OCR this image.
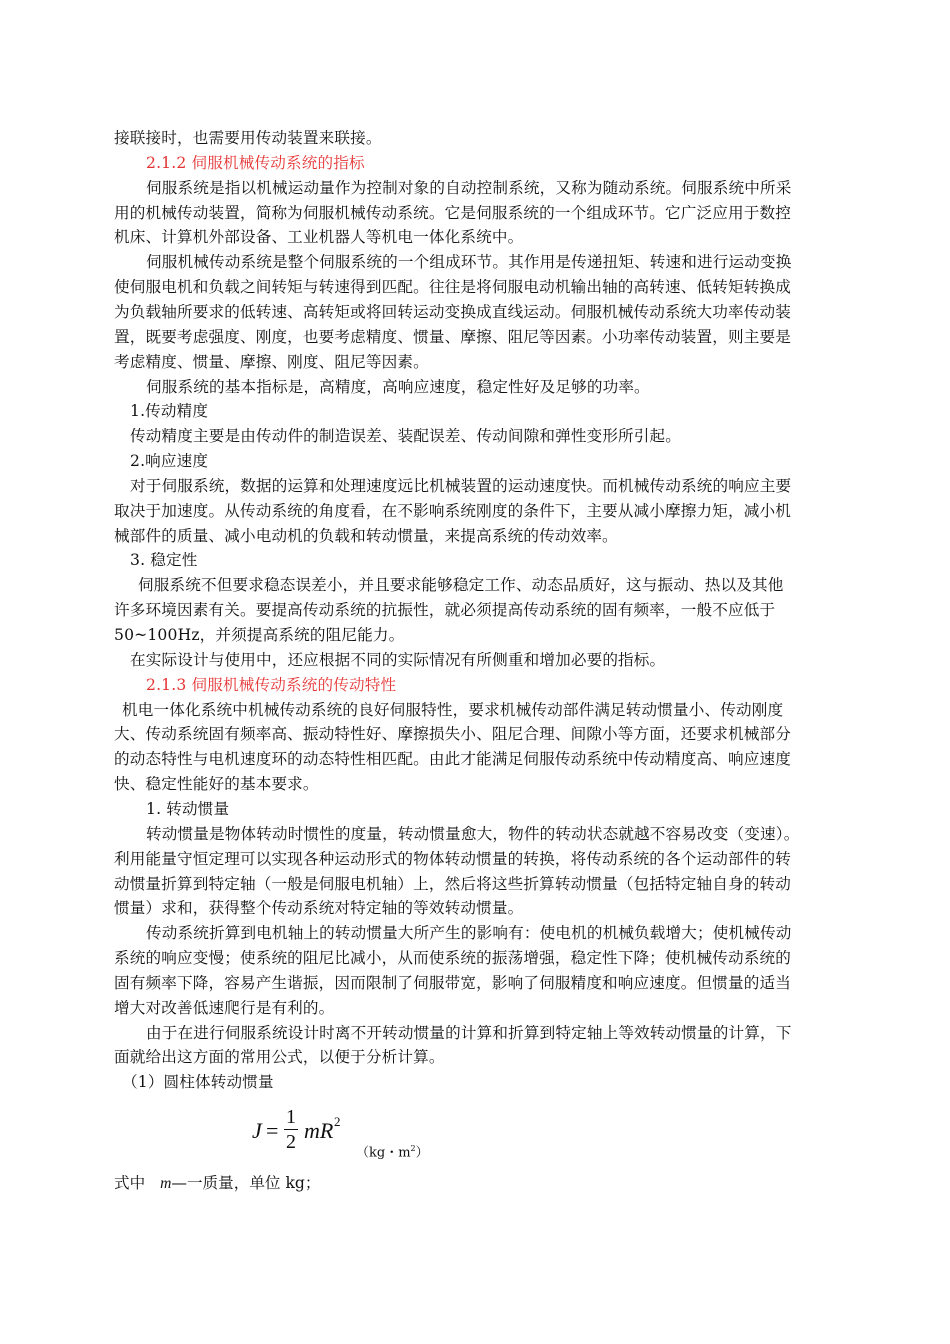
接联接时，也需要用传动装置来联接。
2.1.2 伺服机械传动系统的指标
伺服系统是指以机械运动量作为控制对象的自动控制系统，又称为随动系统。伺服系统中所采
用的机械传动装置，简称为伺服机械传动系统。它是伺服系统的一个组成环节。它广泛应用于数控
机床、计算机外部设备、工业机器人等机电一体化系统中。
伺服机械传动系统是整个伺服系统的一个组成环节。其作用是传递扭矩、转速和进行运动变换
使伺服电机和负载之间转矩与转速得到匹配。往往是将伺服电动机输出轴的高转速、低转矩转换成
为负载轴所要求的低转速、高转矩或将回转运动变换成直线运动。伺服机械传动系统大功率传动装
置，既要考虑强度、刚度，也要考虑精度、惯量、摩擦、阻尼等因素。小功率传动装置，则主要是
考虑精度、惯量、摩擦、刚度、阻尼等因素。
伺服系统的基本指标是，高精度，高响应速度，稳定性好及足够的功率。
1.传动精度
传动精度主要是由传动件的制造误差、装配误差、传动间隙和弹性变形所引起。
2.响应速度
对于伺服系统，数据的运算和处理速度远比机械装置的运动速度快。而机械传动系统的响应主要
取决于加速度。从传动系统的角度看，在不影响系统刚度的条件下，主要从减小摩擦力矩，减小机
械部件的质量、减小电动机的负载和转动惯量，来提高系统的传动效率。
3. 稳定性
伺服系统不但要求稳态误差小，并且要求能够稳定工作、动态品质好，这与振动、热以及其他
许多环境因素有关。要提高传动系统的抗振性，就必须提高传动系统的固有频率，一般不应低于
50~100Hz，并须提高系统的阻尼能力。
在实际设计与使用中，还应根据不同的实际情况有所侧重和增加必要的指标。
2.1.3 伺服机械传动系统的传动特性
机电一体化系统中机械传动系统的良好伺服特性，要求机械传动部件满足转动惯量小、传动刚度
大、传动系统固有频率高、振动特性好、摩擦损失小、阻尼合理、间隙小等方面，还要求机械部分
的动态特性与电机速度环的动态特性相匹配。由此才能满足伺服传动系统中传动精度高、响应速度
快、稳定性能好的基本要求。
1. 转动惯量
转动惯量是物体转动时惯性的度量，转动惯量愈大，物件的转动状态就越不容易改变（变速）。
利用能量守恒定理可以实现各种运动形式的物体转动惯量的转换，将传动系统的各个运动部件的转
动惯量折算到特定轴（一般是伺服电机轴）上，然后将这些折算转动惯量（包括特定轴自身的转动
惯量）求和，获得整个传动系统对特定轴的等效转动惯量。
传动系统折算到电机轴上的转动惯量大所产生的影响有：使电机的机械负载增大；使机械传动
系统的响应变慢；使系统的阻尼比减小，从而使系统的振荡增强，稳定性下降；使机械传动系统的
固有频率下降，容易产生谐振，因而限制了伺服带宽，影响了伺服精度和响应速度。但惯量的适当
增大对改善低速爬行是有利的。
由于在进行伺服系统设计时离不开转动惯量的计算和折算到特定轴上等效转动惯量的计算，下
面就给出这方面的常用公式，以便于分析计算。
（1）圆柱体转动惯量
J =
1
2 mR 2
（kg・$m^2$）
式中 m—一质量，单位 kg；
